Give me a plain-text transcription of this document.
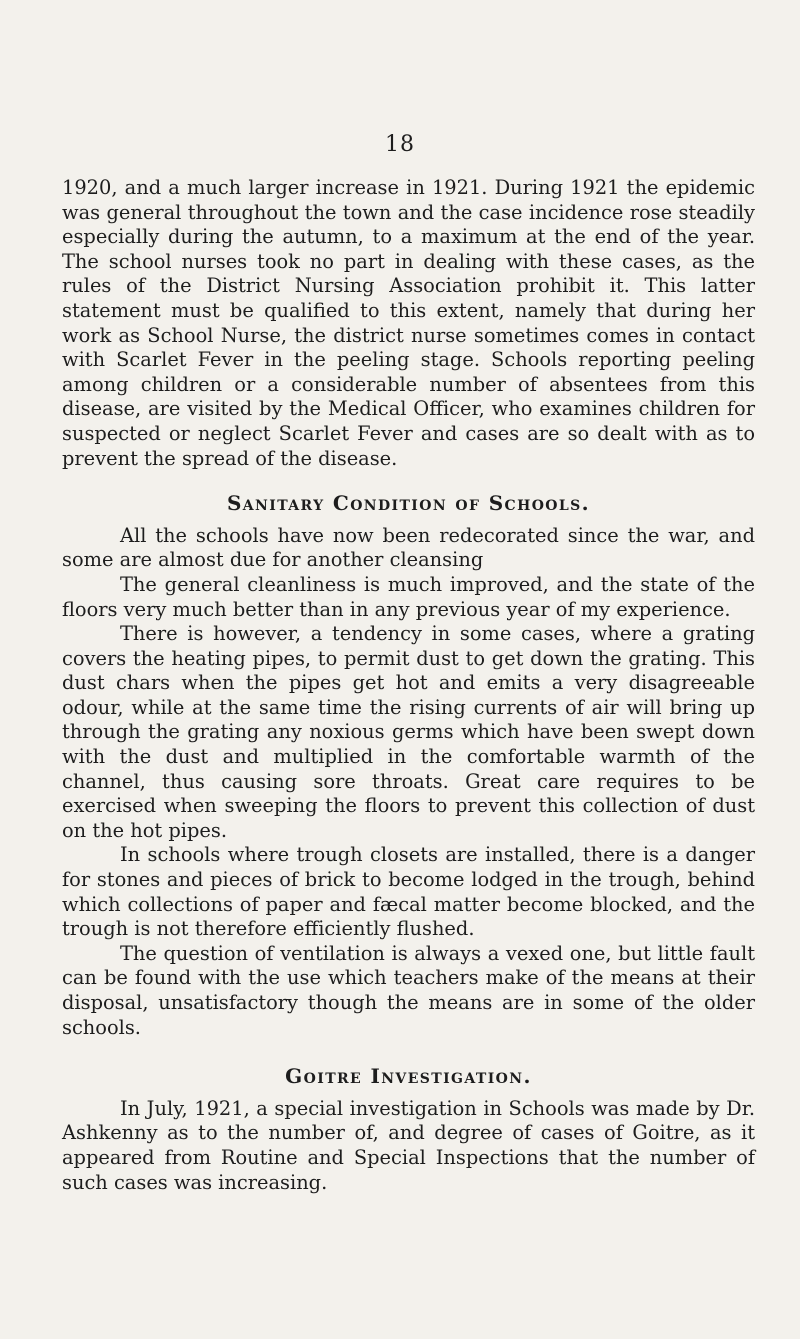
18

1920, and a much larger increase in 1921. During 1921 the epidemic was general throughout the town and the case incidence rose steadily especially during the autumn, to a maximum at the end of the year. The school nurses took no part in dealing with these cases, as the rules of the District Nursing Association prohibit it. This latter statement must be qualified to this extent, namely that during her work as School Nurse, the district nurse sometimes comes in contact with Scarlet Fever in the peeling stage. Schools reporting peeling among children or a considerable number of absentees from this disease, are visited by the Medical Officer, who examines children for suspected or neglect Scarlet Fever and cases are so dealt with as to prevent the spread of the disease.

Sanitary Condition of Schools.

All the schools have now been redecorated since the war, and some are almost due for another cleansing

The general cleanliness is much improved, and the state of the floors very much better than in any previous year of my experience.

There is however, a tendency in some cases, where a grating covers the heating pipes, to permit dust to get down the grating. This dust chars when the pipes get hot and emits a very disagreeable odour, while at the same time the rising currents of air will bring up through the grating any noxious germs which have been swept down with the dust and multiplied in the comfortable warmth of the channel, thus causing sore throats. Great care requires to be exercised when sweeping the floors to prevent this collection of dust on the hot pipes.

In schools where trough closets are installed, there is a danger for stones and pieces of brick to become lodged in the trough, behind which collections of paper and fæcal matter become blocked, and the trough is not therefore efficiently flushed.

The question of ventilation is always a vexed one, but little fault can be found with the use which teachers make of the means at their disposal, unsatisfactory though the means are in some of the older schools.

Goitre Investigation.

In July, 1921, a special investigation in Schools was made by Dr. Ashkenny as to the number of, and degree of cases of Goitre, as it appeared from Routine and Special Inspections that the number of such cases was increasing.
